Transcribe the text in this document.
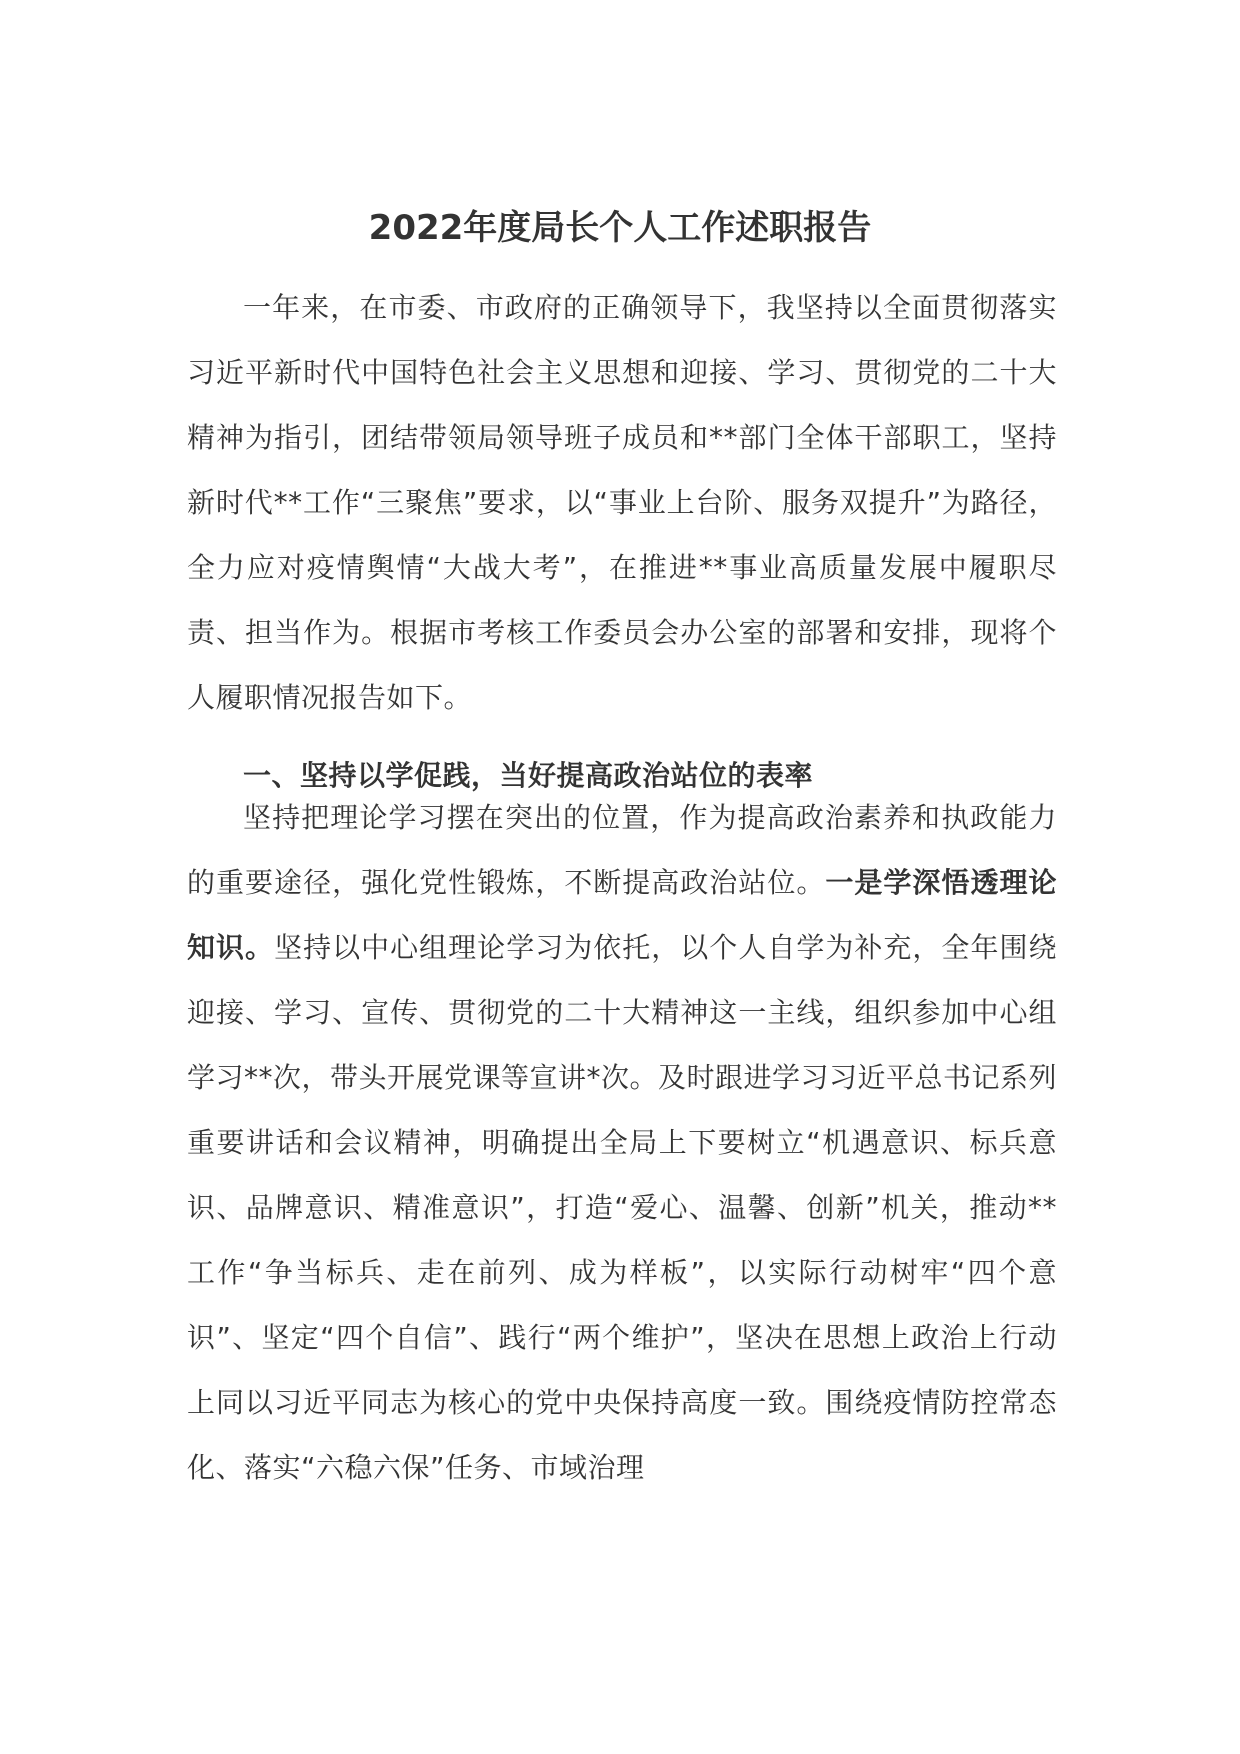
2022年度局长个人工作述职报告

一年来，在市委、市政府的正确领导下，我坚持以全面贯彻落实习近平新时代中国特色社会主义思想和迎接、学习、贯彻党的二十大精神为指引，团结带领局领导班子成员和**部门全体干部职工，坚持新时代**工作“三聚焦”要求，以“事业上台阶、服务双提升”为路径，全力应对疫情舆情“大战大考”，在推进**事业高质量发展中履职尽责、担当作为。根据市考核工作委员会办公室的部署和安排，现将个人履职情况报告如下。

一、坚持以学促践，当好提高政治站位的表率

坚持把理论学习摆在突出的位置，作为提高政治素养和执政能力的重要途径，强化党性锻炼，不断提高政治站位。一是学深悟透理论知识。坚持以中心组理论学习为依托，以个人自学为补充，全年围绕迎接、学习、宣传、贯彻党的二十大精神这一主线，组织参加中心组学习**次，带头开展党课等宣讲*次。及时跟进学习习近平总书记系列重要讲话和会议精神，明确提出全局上下要树立“机遇意识、标兵意识、品牌意识、精准意识”，打造“爱心、温馨、创新”机关，推动**工作“争当标兵、走在前列、成为样板”，以实际行动树牢“四个意识”、坚定“四个自信”、践行“两个维护”，坚决在思想上政治上行动上同以习近平同志为核心的党中央保持高度一致。围绕疫情防控常态化、落实“六稳六保”任务、市域治理
